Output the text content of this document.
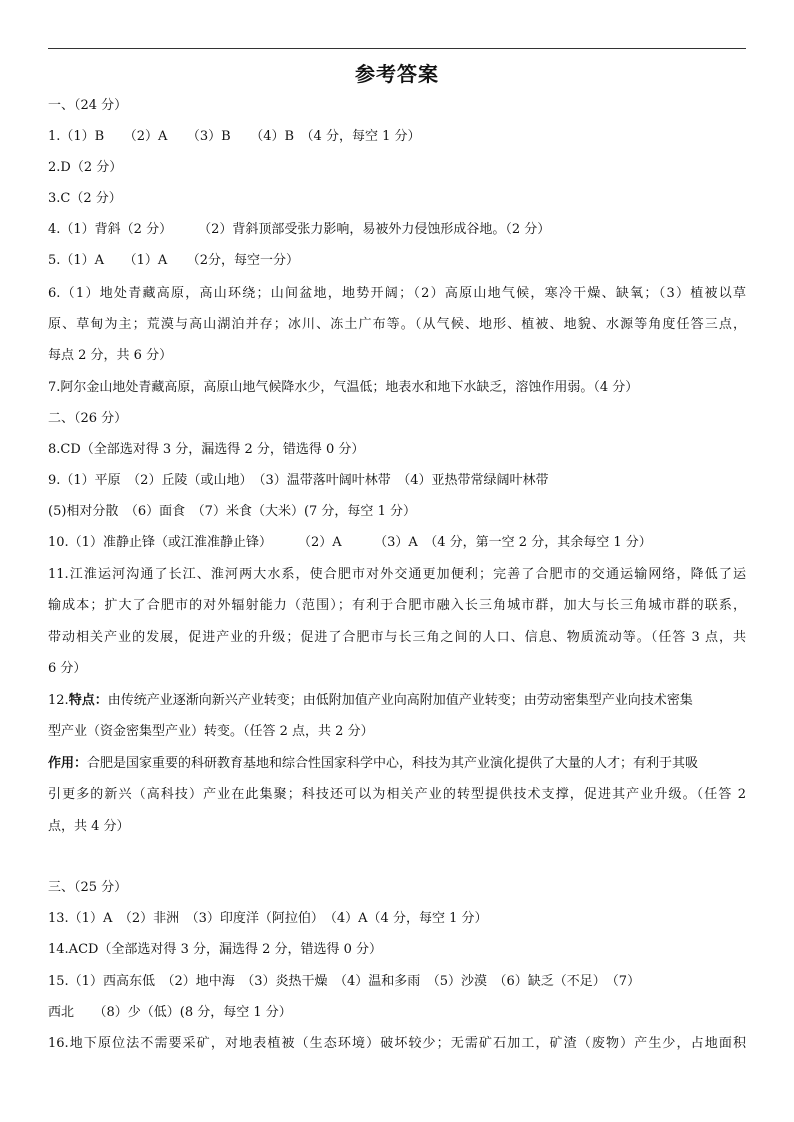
参考答案
一、（24 分）
1.（1）B　　（2）A　　（3）B　　（4）B　（4 分，每空 1 分）
2.D（2 分）
3.C（2 分）
4.（1）背斜（2 分）　　　（2）背斜顶部受张力影响，易被外力侵蚀形成谷地。（2 分）
5.（1）A　　（1）A　　（2分，每空一分）
6.（1）地处青藏高原，高山环绕；山间盆地，地势开阔；（2）高原山地气候，寒冷干燥、缺氧；（3）植被以草
原、草甸为主；荒漠与高山湖泊并存；冰川、冻土广布等。（从气候、地形、植被、地貌、水源等角度任答三点，
每点 2 分，共 6 分）
7.阿尔金山地处青藏高原，高原山地气候降水少，气温低；地表水和地下水缺乏，溶蚀作用弱。（4 分）
二、（26 分）
8.CD（全部选对得 3 分，漏选得 2 分，错选得 0 分）
9.（1）平原　（2）丘陵（或山地）　（3）温带落叶阔叶林带　（4）亚热带常绿阔叶林带
(5)相对分散　（6）面食　（7）米食（大米）(7 分，每空 1 分）
10.（1）准静止锋（或江淮准静止锋）　　　（2）A　　　（3）A　（4 分，第一空 2 分，其余每空 1 分）
11.江淮运河沟通了长江、淮河两大水系，使合肥市对外交通更加便利；完善了合肥市的交通运输网络，降低了运
输成本；扩大了合肥市的对外辐射能力（范围）；有利于合肥市融入长三角城市群，加大与长三角城市群的联系，
带动相关产业的发展，促进产业的升级；促进了合肥市与长三角之间的人口、信息、物质流动等。（任答 3 点，共
6 分）
12.特点：由传统产业逐渐向新兴产业转变；由低附加值产业向高附加值产业转变；由劳动密集型产业向技术密集
型产业（资金密集型产业）转变。（任答 2 点，共 2 分）
作用：合肥是国家重要的科研教育基地和综合性国家科学中心，科技为其产业演化提供了大量的人才；有利于其吸
引更多的新兴（高科技）产业在此集聚；科技还可以为相关产业的转型提供技术支撑，促进其产业升级。（任答 2
点，共 4 分）
三、（25 分）
13.（1）A　（2）非洲　（3）印度洋（阿拉伯）　（4）A（4 分，每空 1 分）
14.ACD（全部选对得 3 分，漏选得 2 分，错选得 0 分）
15.（1）西高东低　（2）地中海　（3）炎热干燥　（4）温和多雨　（5）沙漠　（6）缺乏（不足）　（7）
西北　　（8）少（低）(8 分，每空 1 分）
16.地下原位法不需要采矿，对地表植被（生态环境）破坏较少；无需矿石加工，矿渣（废物）产生少，占地面积
